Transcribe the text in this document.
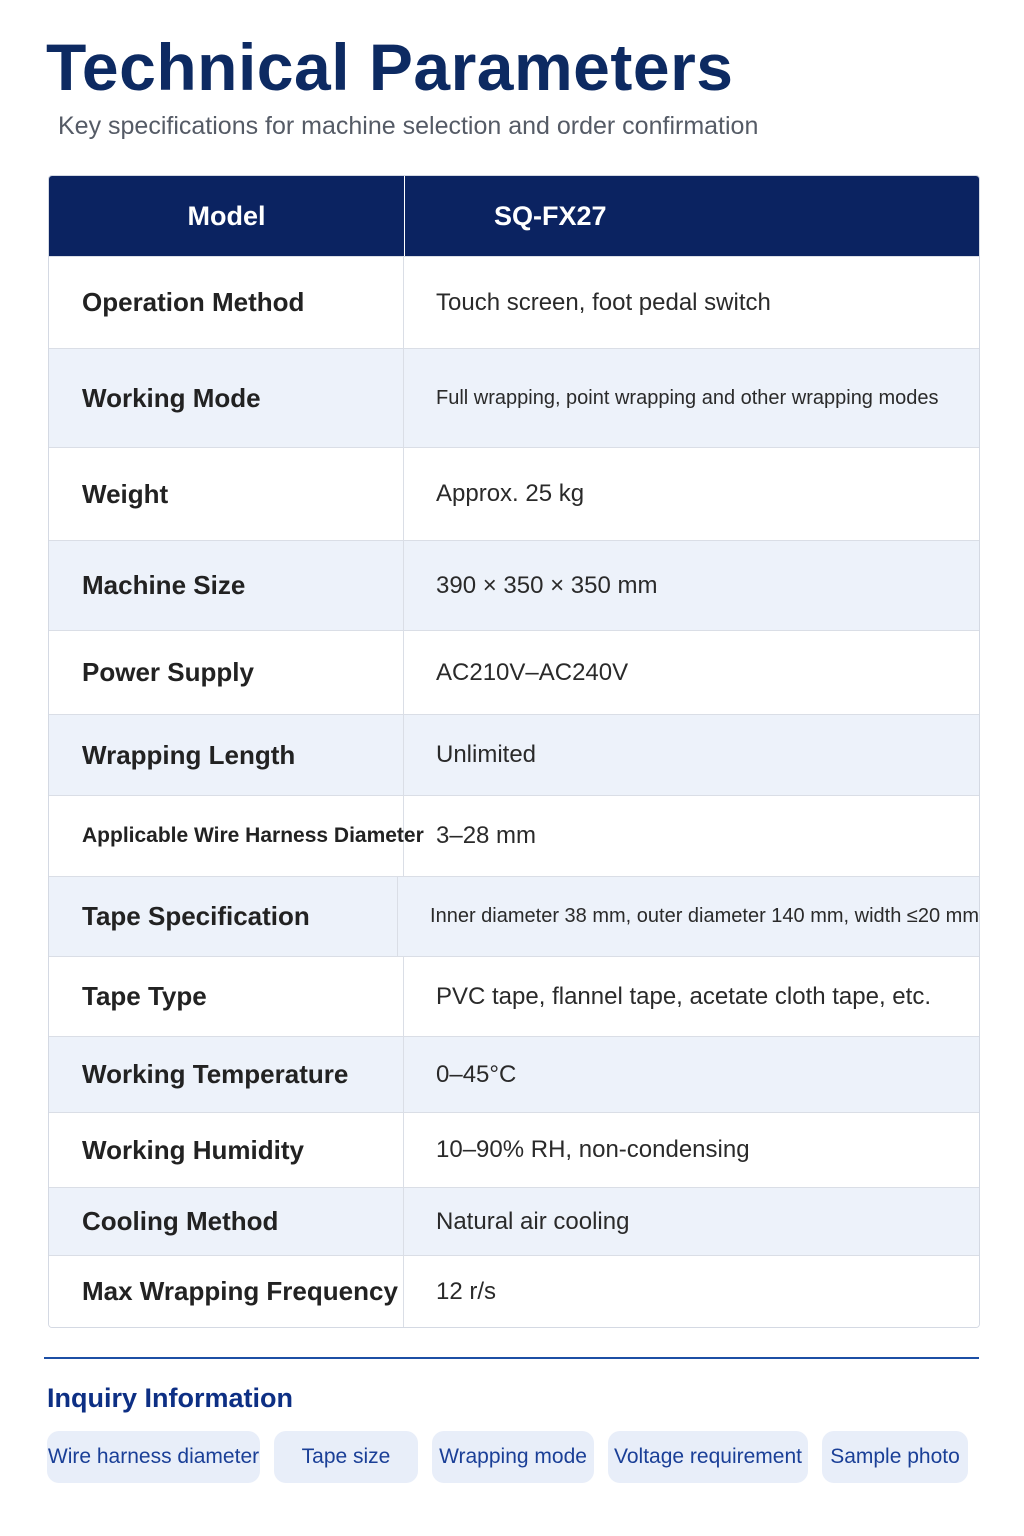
Technical Parameters

Key specifications for machine selection and order confirmation

Model	SQ-FX27
Operation Method	Touch screen, foot pedal switch
Working Mode	Full wrapping, point wrapping and other wrapping modes
Weight	Approx. 25 kg
Machine Size	390 × 350 × 350 mm
Power Supply	AC210V–AC240V
Wrapping Length	Unlimited
Applicable Wire Harness Diameter 3–28 mm
Tape Specification	Inner diameter 38 mm, outer diameter 140 mm, width ≤20 mm
Tape Type	PVC tape, flannel tape, acetate cloth tape, etc.
Working Temperature	0–45°C
Working Humidity	10–90% RH, non-condensing
Cooling Method	Natural air cooling
Max Wrapping Frequency	12 r/s
Inquiry Information
Wire harness diameter	Tape size	Wrapping mode	Voltage requirement	Sample photo
